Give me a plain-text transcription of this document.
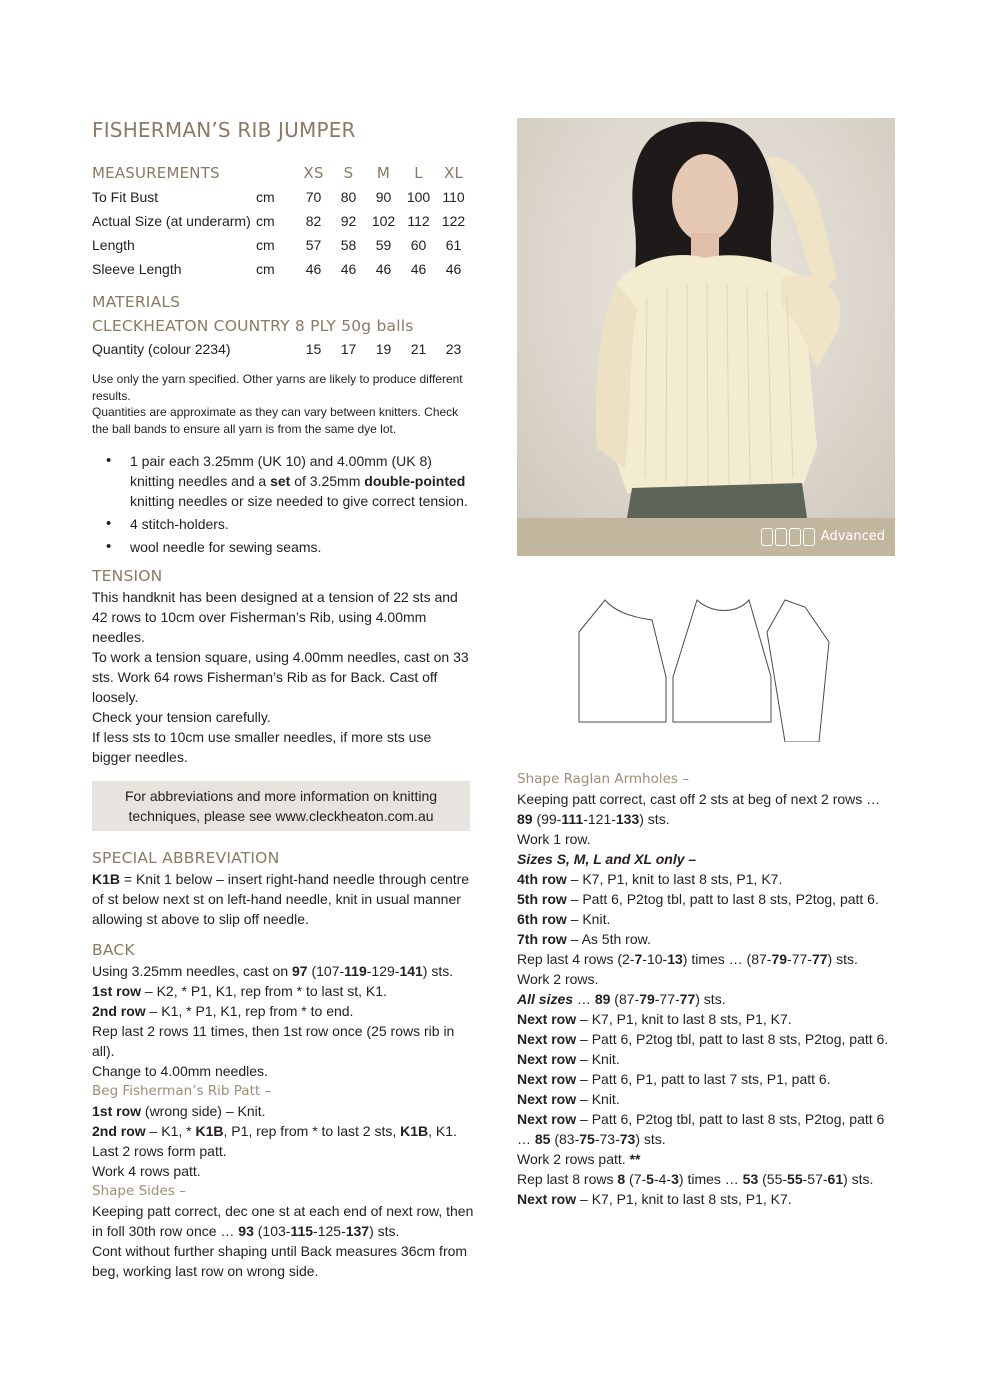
FISHERMAN’S RIB JUMPER
MEASUREMENTS	XS	S	M	L	XL
To Fit Bust	cm	70	80	90	100 110
Actual Size (at underarm) cm	82	92	102 112 122
Length	cm	57	58	59	60	61
Sleeve Length	cm	46	46	46	46	46
MATERIALS
CLECKHEATON COUNTRY 8 PLY 50g balls
Quantity (colour 2234)	15	17	19	21	23
Use only the yarn specified. Other yarns are likely to produce different results.
Quantities are approximate as they can vary between knitters. Check the ball bands to ensure all yarn is from the same dye lot.
• 1 pair each 3.25mm (UK 10) and 4.00mm (UK 8) knitting needles and a set of 3.25mm double-pointed knitting needles or size needed to give correct tension.
• 4 stitch-holders.
• wool needle for sewing seams.
TENSION
This handknit has been designed at a tension of 22 sts and 42 rows to 10cm over Fisherman’s Rib, using 4.00mm needles.
To work a tension square, using 4.00mm needles, cast on 33 sts. Work 64 rows Fisherman’s Rib as for Back. Cast off loosely.
Check your tension carefully.
If less sts to 10cm use smaller needles, if more sts use bigger needles.
For abbreviations and more information on knitting techniques, please see www.cleckheaton.com.au
SPECIAL ABBREVIATION
K1B = Knit 1 below – insert right-hand needle through centre of st below next st on left-hand needle, knit in usual manner allowing st above to slip off needle.
BACK
Using 3.25mm needles, cast on 97 (107-119-129-141) sts.
1st row – K2, * P1, K1, rep from * to last st, K1.
2nd row – K1, * P1, K1, rep from * to end.
Rep last 2 rows 11 times, then 1st row once (25 rows rib in all).
Change to 4.00mm needles.
Beg Fisherman’s Rib Patt –
1st row (wrong side) – Knit.
2nd row – K1, * K1B, P1, rep from * to last 2 sts, K1B, K1.
Last 2 rows form patt.
Work 4 rows patt.
Shape Sides –
Keeping patt correct, dec one st at each end of next row, then in foll 30th row once … 93 (103-115-125-137) sts.
Cont without further shaping until Back measures 36cm from beg, working last row on wrong side.
Advanced
Shape Raglan Armholes –
Keeping patt correct, cast off 2 sts at beg of next 2 rows … 89 (99-111-121-133) sts.
Work 1 row.
Sizes S, M, L and XL only –
4th row – K7, P1, knit to last 8 sts, P1, K7.
5th row – Patt 6, P2tog tbl, patt to last 8 sts, P2tog, patt 6.
6th row – Knit.
7th row – As 5th row.
Rep last 4 rows (2-7-10-13) times … (87-79-77-77) sts.
Work 2 rows.
All sizes … 89 (87-79-77-77) sts.
Next row – K7, P1, knit to last 8 sts, P1, K7.
Next row – Patt 6, P2tog tbl, patt to last 8 sts, P2tog, patt 6.
Next row – Knit.
Next row – Patt 6, P1, patt to last 7 sts, P1, patt 6.
Next row – Knit.
Next row – Patt 6, P2tog tbl, patt to last 8 sts, P2tog, patt 6 … 85 (83-75-73-73) sts.
Work 2 rows patt. **
Rep last 8 rows 8 (7-5-4-3) times … 53 (55-55-57-61) sts.
Next row – K7, P1, knit to last 8 sts, P1, K7.
